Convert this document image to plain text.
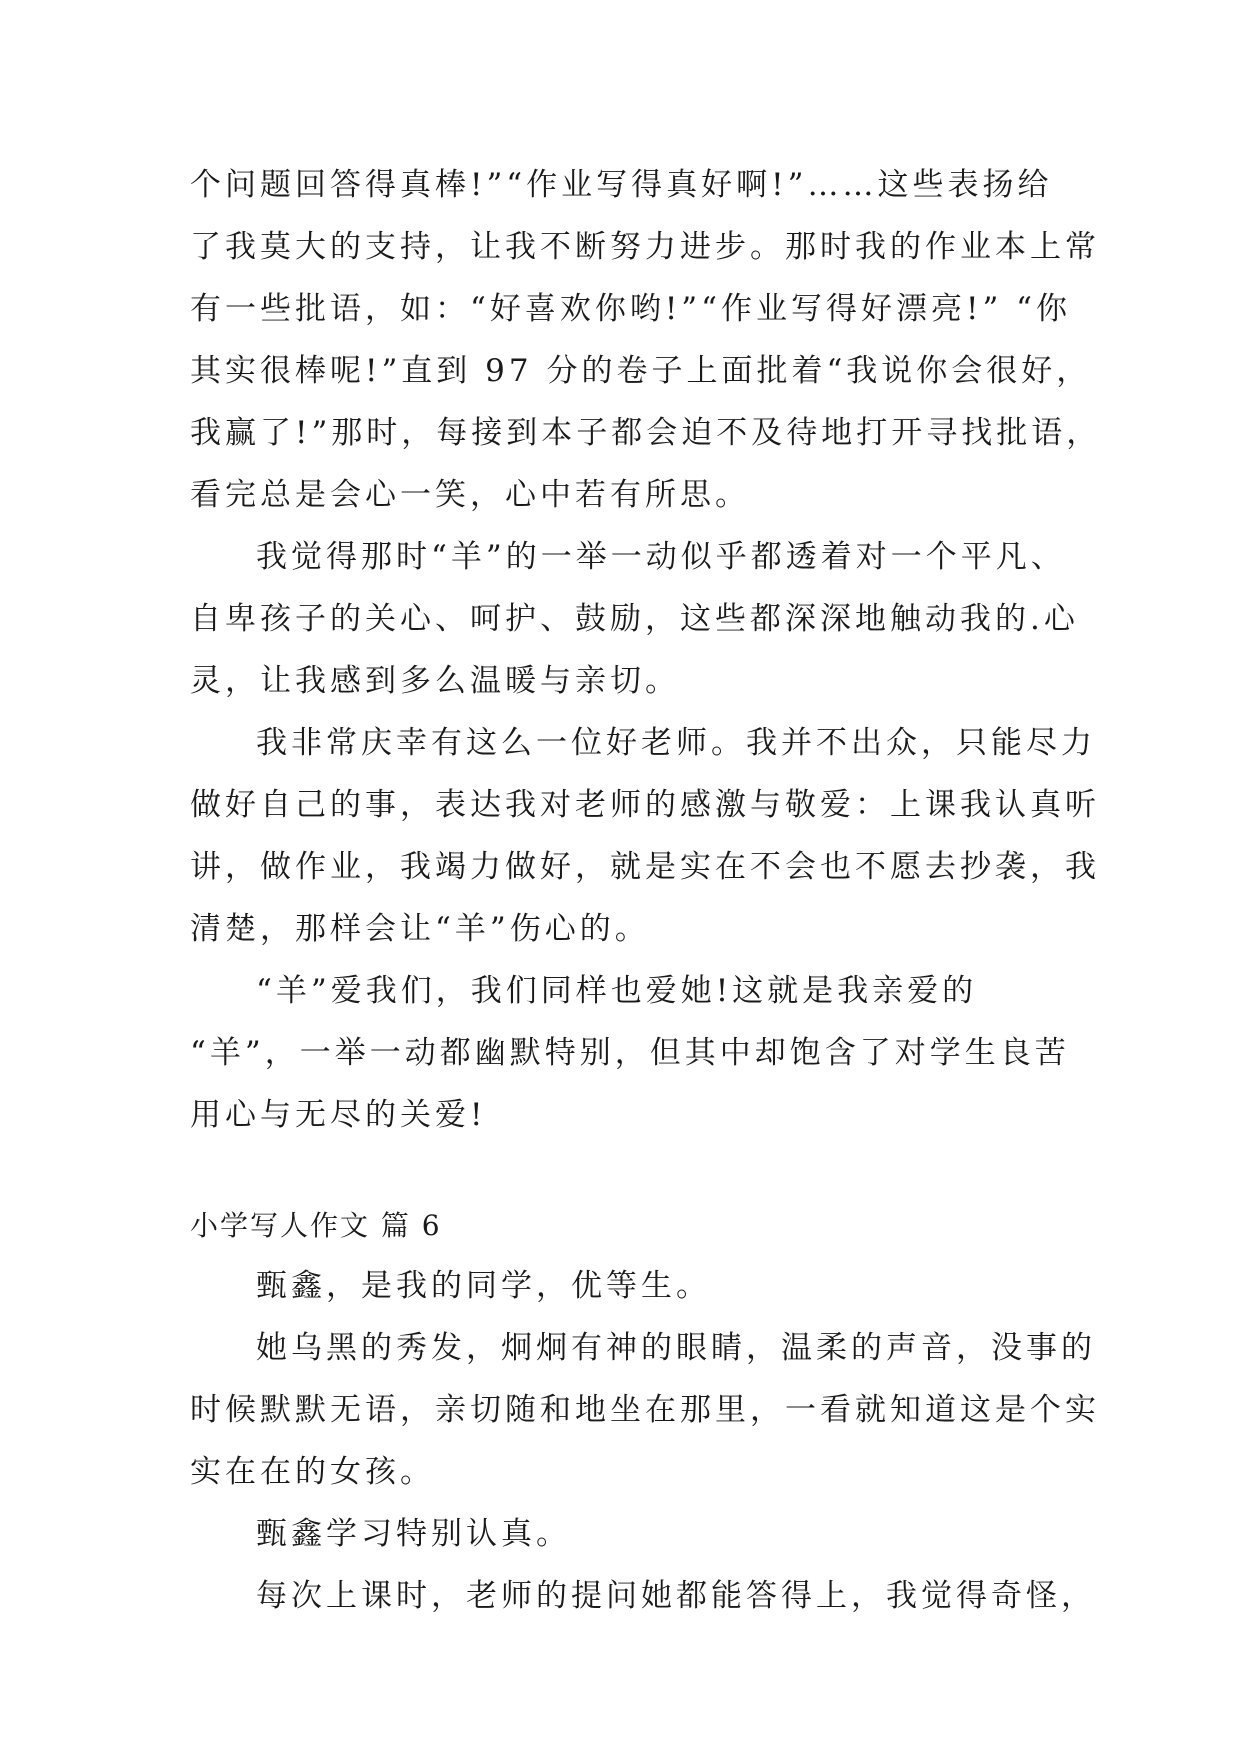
个问题回答得真棒!”“作业写得真好啊!”……这些表扬给
了我莫大的支持，让我不断努力进步。那时我的作业本上常
有一些批语，如：“好喜欢你哟!”“作业写得好漂亮!” “你
其实很棒呢!”直到 97 分的卷子上面批着“我说你会很好，
我赢了!”那时，每接到本子都会迫不及待地打开寻找批语，
看完总是会心一笑，心中若有所思。
我觉得那时“羊”的一举一动似乎都透着对一个平凡、
自卑孩子的关心、呵护、鼓励，这些都深深地触动我的.心
灵，让我感到多么温暖与亲切。
我非常庆幸有这么一位好老师。我并不出众，只能尽力
做好自己的事，表达我对老师的感激与敬爱：上课我认真听
讲，做作业，我竭力做好，就是实在不会也不愿去抄袭，我
清楚，那样会让“羊”伤心的。
“羊”爱我们，我们同样也爱她!这就是我亲爱的
“羊”，一举一动都幽默特别，但其中却饱含了对学生良苦
用心与无尽的关爱!
小学写人作文 篇 6
甄鑫，是我的同学，优等生。
她乌黑的秀发，炯炯有神的眼睛，温柔的声音，没事的
时候默默无语，亲切随和地坐在那里，一看就知道这是个实
实在在的女孩。
甄鑫学习特别认真。
每次上课时，老师的提问她都能答得上，我觉得奇怪，
